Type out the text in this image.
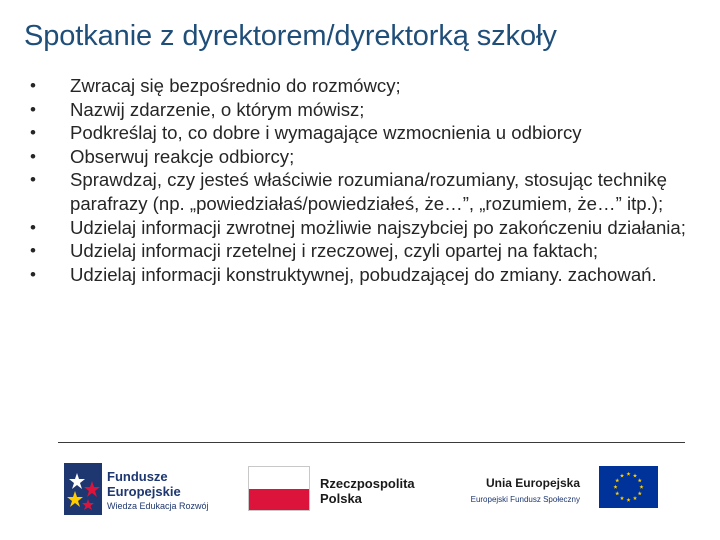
Spotkanie z dyrektorem/dyrektorką szkoły
• Zwracaj się bezpośrednio do rozmówcy;
• Nazwij zdarzenie, o którym mówisz;
• Podkreślaj to, co dobre i wymagające wzmocnienia u odbiorcy
• Obserwuj reakcje odbiorcy;
• Sprawdzaj, czy jesteś właściwie rozumiana/rozumiany, stosując technikę parafrazy (np. „powiedziałaś/powiedziałeś, że…”, „rozumiem, że…” itp.);
• Udzielaj informacji zwrotnej możliwie najszybciej po zakończeniu działania;
• Udzielaj informacji rzetelnej i rzeczowej, czyli opartej na faktach;
• Udzielaj informacji konstruktywnej, pobudzającej do zmiany. zachowań.
Fundusze
Europejskie
Wiedza Edukacja Rozwój
Rzeczpospolita
Polska
Unia Europejska
Europejski Fundusz Społeczny
